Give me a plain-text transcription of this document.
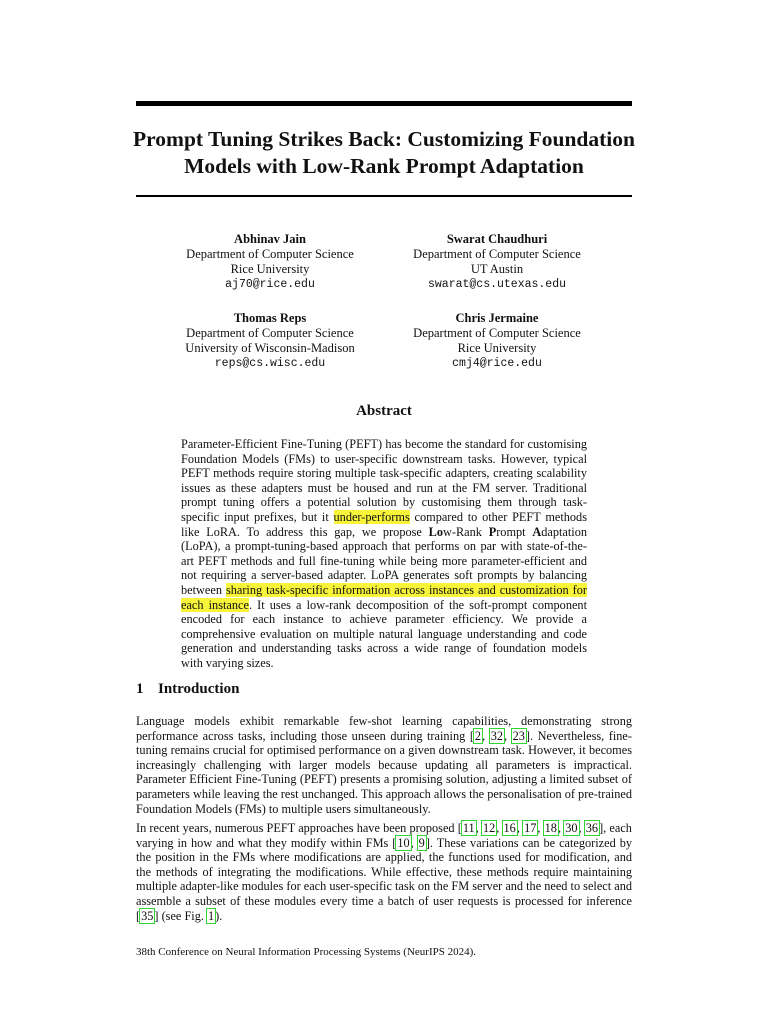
Prompt Tuning Strikes Back: Customizing Foundation
Models with Low-Rank Prompt Adaptation
Abhinav Jain
Department of Computer Science
Rice University
aj70@rice.edu
Swarat Chaudhuri
Department of Computer Science
UT Austin
swarat@cs.utexas.edu
Thomas Reps
Department of Computer Science
University of Wisconsin-Madison
reps@cs.wisc.edu
Chris Jermaine
Department of Computer Science
Rice University
cmj4@rice.edu
Abstract
Parameter-Efficient Fine-Tuning (PEFT) has become the standard for customising Foundation Models (FMs) to user-specific downstream tasks. However, typical PEFT methods require storing multiple task-specific adapters, creating scalability issues as these adapters must be housed and run at the FM server. Traditional prompt tuning offers a potential solution by customising them through task-specific input prefixes, but it under-performs compared to other PEFT methods like LoRA. To address this gap, we propose Low-Rank Prompt Adaptation (LoPA), a prompt-tuning-based approach that performs on par with state-of-the-art PEFT methods and full fine-tuning while being more parameter-efficient and not requiring a server-based adapter. LoPA generates soft prompts by balancing between sharing task-specific information across instances and customization for each instance. It uses a low-rank decomposition of the soft-prompt component encoded for each instance to achieve parameter efficiency. We provide a comprehensive evaluation on multiple natural language understanding and code generation and understanding tasks across a wide range of foundation models with varying sizes.
1 Introduction
Language models exhibit remarkable few-shot learning capabilities, demonstrating strong performance across tasks, including those unseen during training [2, 32, 23]. Nevertheless, fine-tuning remains crucial for optimised performance on a given downstream task. However, it becomes increasingly challenging with larger models because updating all parameters is impractical. Parameter Efficient Fine-Tuning (PEFT) presents a promising solution, adjusting a limited subset of parameters while leaving the rest unchanged. This approach allows the personalisation of pre-trained Foundation Models (FMs) to multiple users simultaneously.
In recent years, numerous PEFT approaches have been proposed [11, 12, 16, 17, 18, 30, 36], each varying in how and what they modify within FMs [10, 9]. These variations can be categorized by the position in the FMs where modifications are applied, the functions used for modification, and the methods of integrating the modifications. While effective, these methods require maintaining multiple adapter-like modules for each user-specific task on the FM server and the need to select and assemble a subset of these modules every time a batch of user requests is processed for inference [35] (see Fig. 1).
38th Conference on Neural Information Processing Systems (NeurIPS 2024).
